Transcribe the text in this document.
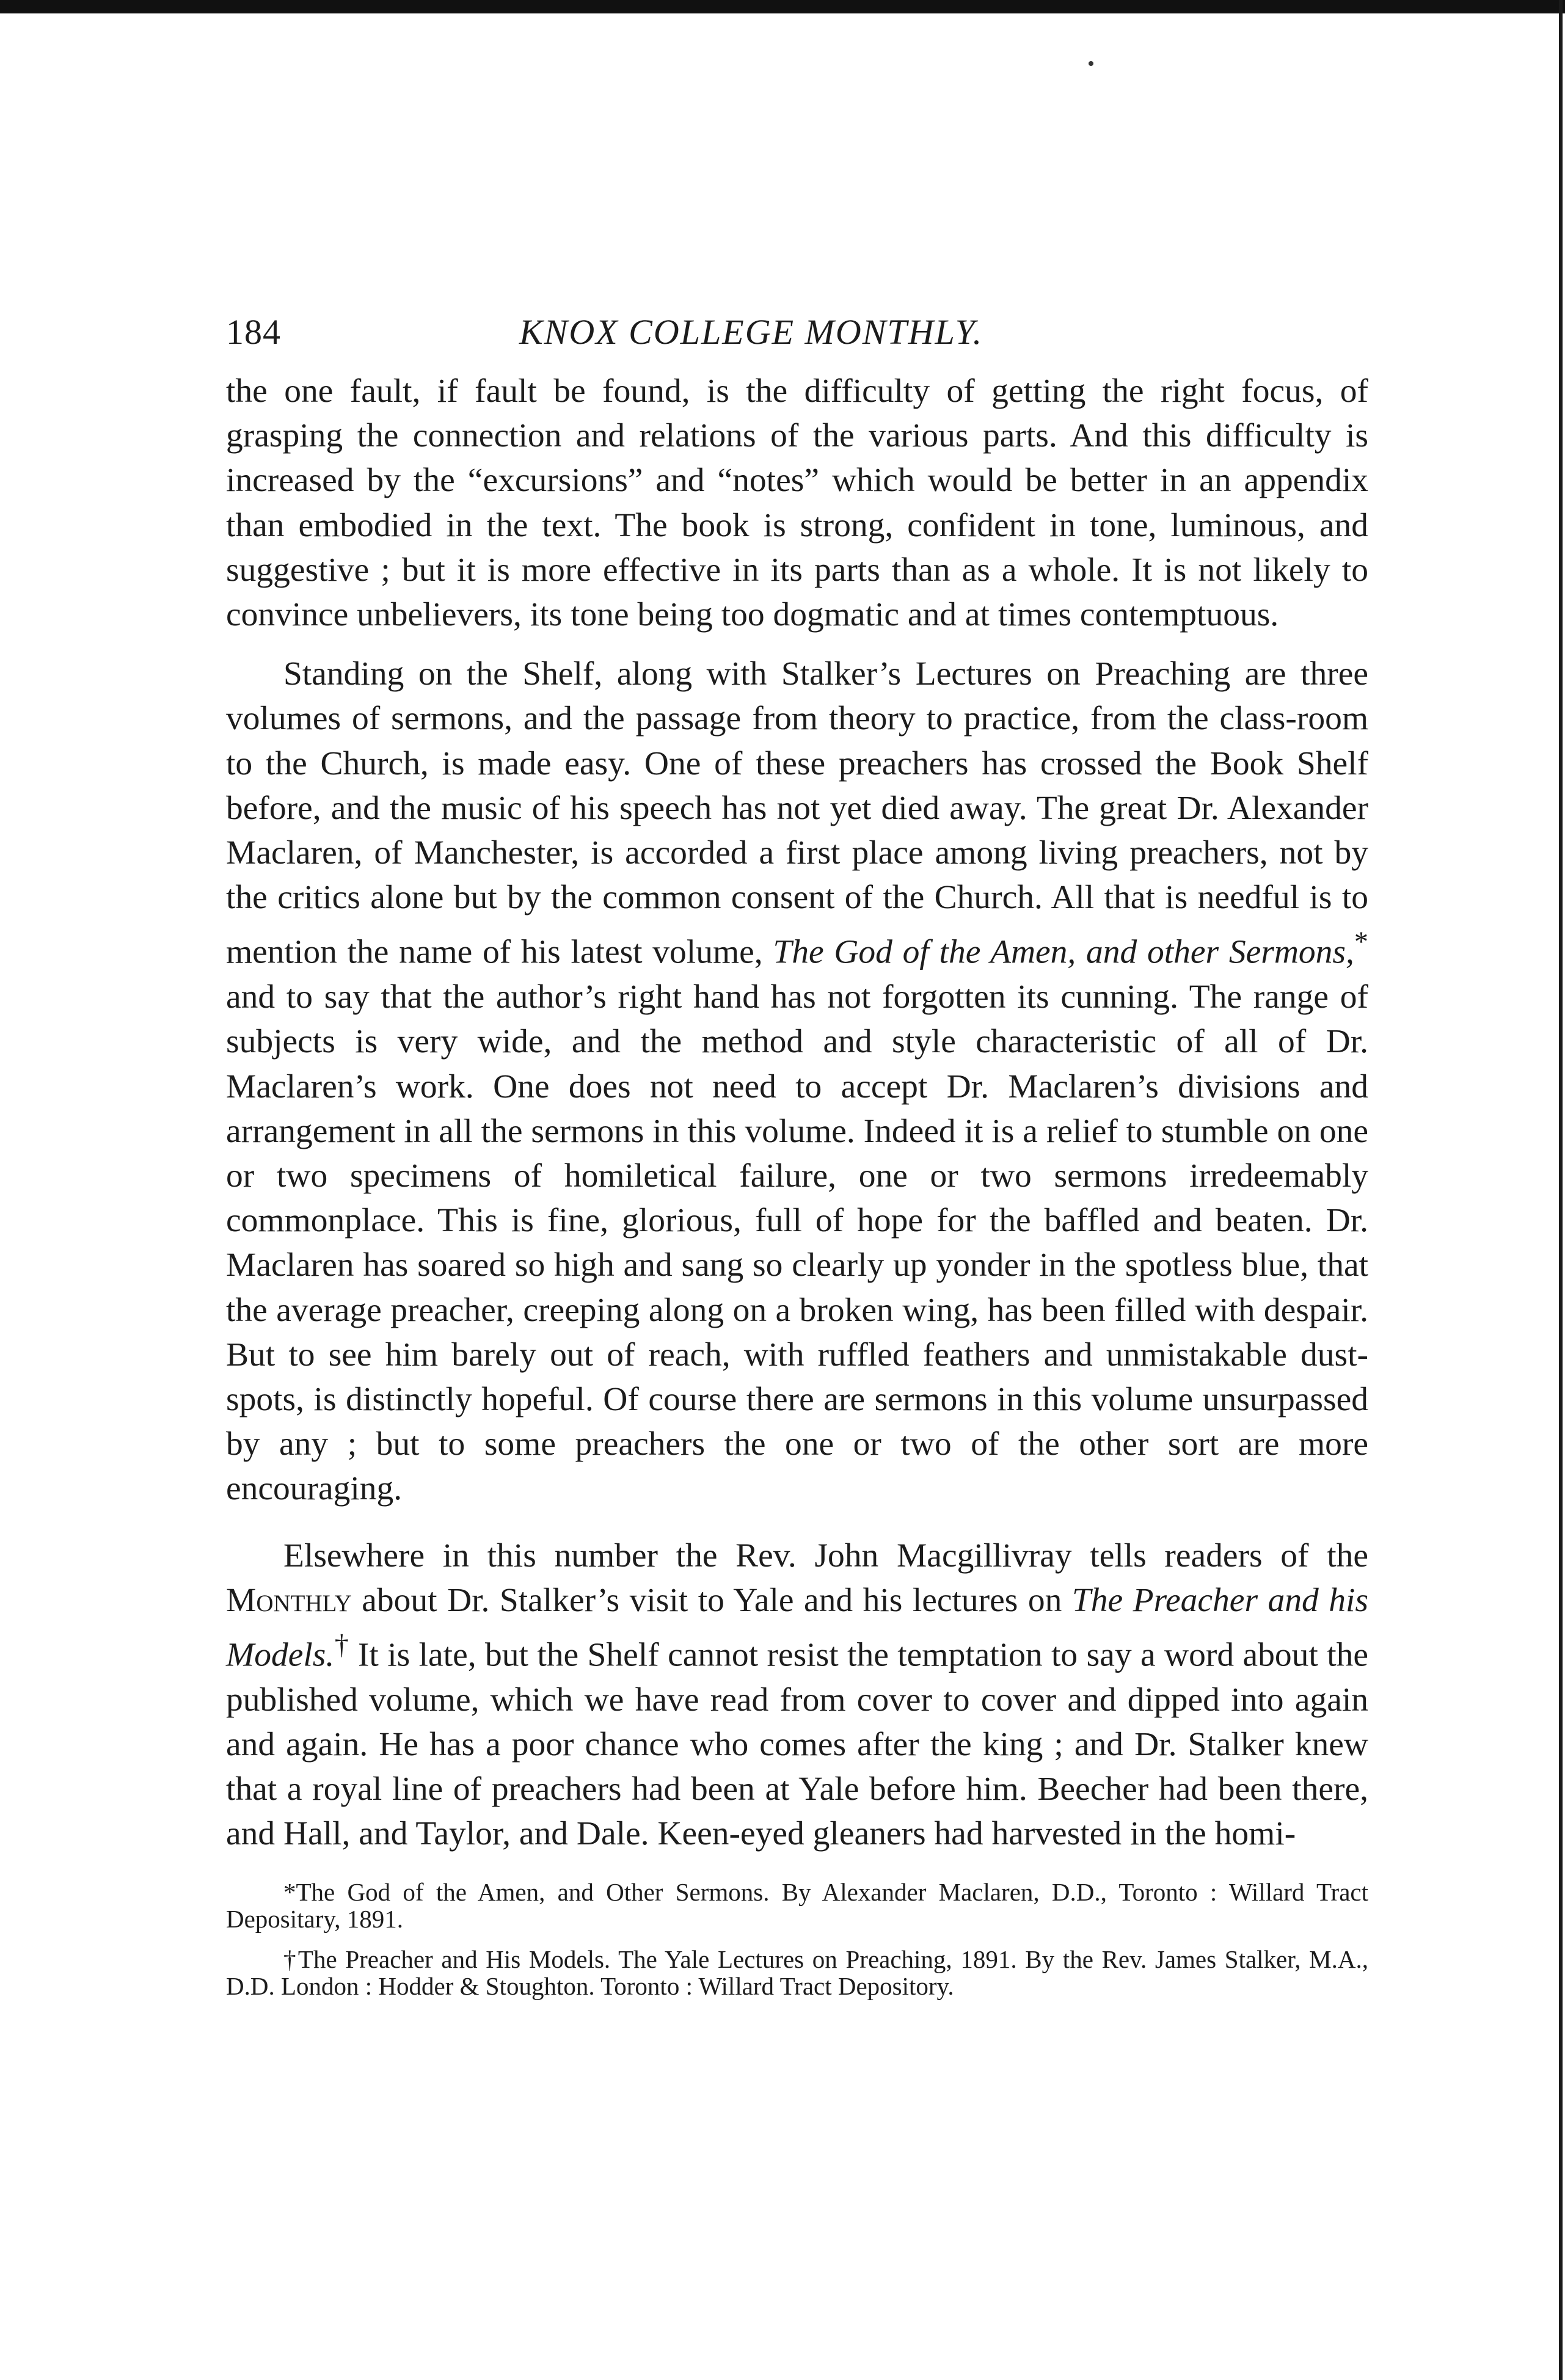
184	KNOX COLLEGE MONTHLY.

the one fault, if fault be found, is the difficulty of getting the right focus, of grasping the connection and relations of the various parts. And this difficulty is increased by the “excursions” and “notes” which would be better in an appendix than embodied in the text. The book is strong, confident in tone, luminous, and suggestive ; but it is more effective in its parts than as a whole. It is not likely to convince unbelievers, its tone being too dogmatic and at times contemptuous.

Standing on the Shelf, along with Stalker’s Lectures on Preaching are three volumes of sermons, and the passage from theory to practice, from the class-room to the Church, is made easy. One of these preachers has crossed the Book Shelf before, and the music of his speech has not yet died away. The great Dr. Alexander Maclaren, of Manchester, is accorded a first place among living preachers, not by the critics alone but by the common consent of the Church. All that is needful is to mention the name of his latest volume, The God of the Amen, and other Sermons,* and to say that the author’s right hand has not forgotten its cunning. The range of subjects is very wide, and the method and style characteristic of all of Dr. Maclaren’s work. One does not need to accept Dr. Maclaren’s divisions and arrangement in all the sermons in this volume. Indeed it is a relief to stumble on one or two specimens of homiletical failure, one or two sermons irredeemably commonplace. This is fine, glorious, full of hope for the baffled and beaten. Dr. Maclaren has soared so high and sang so clearly up yonder in the spotless blue, that the average preacher, creeping along on a broken wing, has been filled with despair. But to see him barely out of reach, with ruffled feathers and unmistakable dust-spots, is distinctly hopeful. Of course there are sermons in this volume unsurpassed by any ; but to some preachers the one or two of the other sort are more encouraging.

Elsewhere in this number the Rev. John Macgillivray tells readers of the Monthly about Dr. Stalker’s visit to Yale and his lectures on The Preacher and his Models.† It is late, but the Shelf cannot resist the temptation to say a word about the published volume, which we have read from cover to cover and dipped into again and again. He has a poor chance who comes after the king ; and Dr. Stalker knew that a royal line of preachers had been at Yale before him. Beecher had been there, and Hall, and Taylor, and Dale. Keen-eyed gleaners had harvested in the homi-

*The God of the Amen, and Other Sermons. By Alexander Maclaren, D.D., Toronto : Willard Tract Depositary, 1891.

†The Preacher and His Models. The Yale Lectures on Preaching, 1891. By the Rev. James Stalker, M.A., D.D. London : Hodder & Stoughton. Toronto : Willard Tract Depository.
